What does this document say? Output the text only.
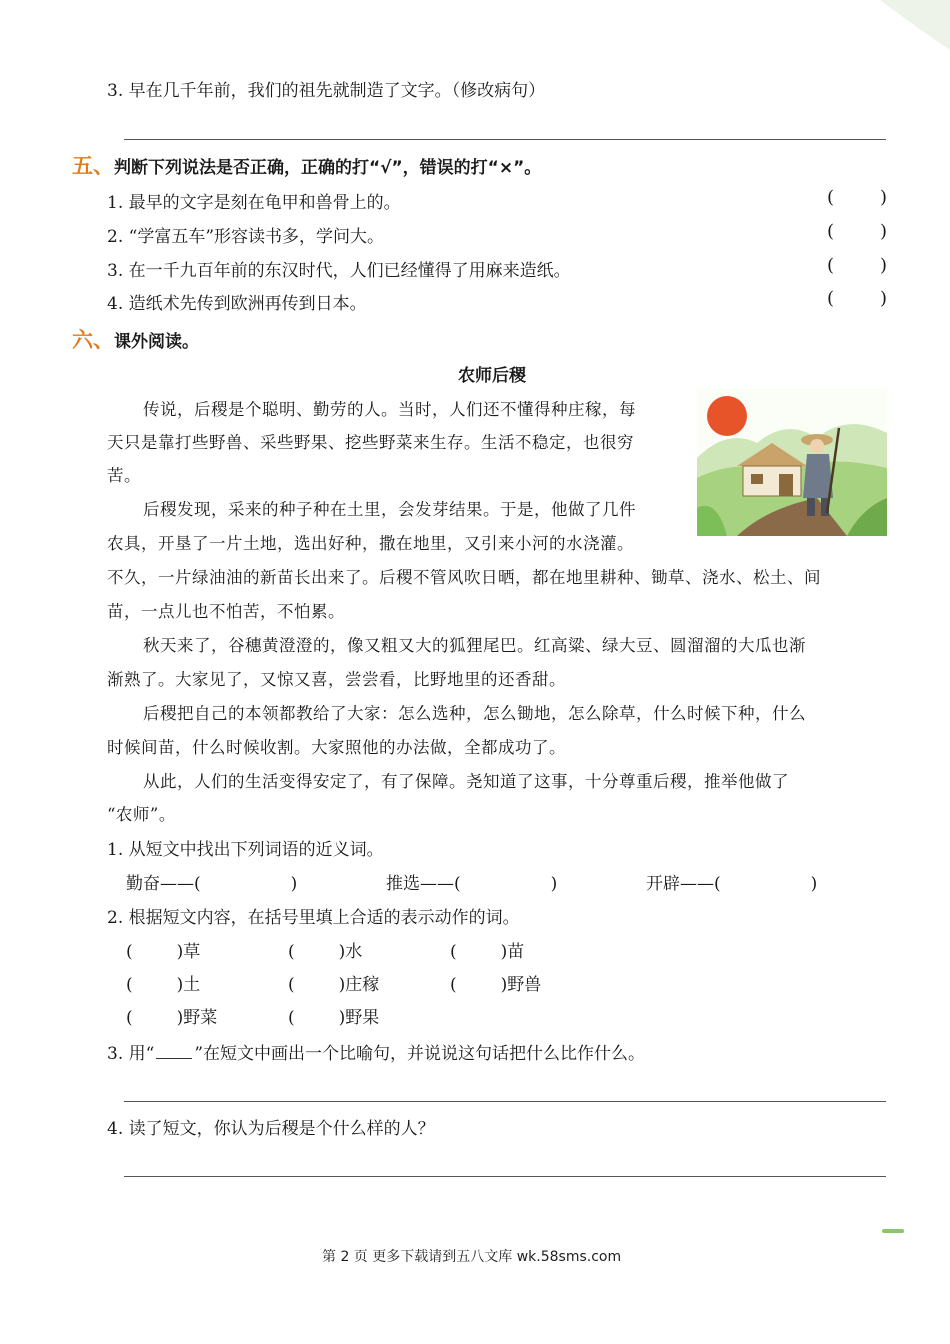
3. 早在几千年前，我们的祖先就制造了文字。（修改病句）
五、判断下列说法是否正确，正确的打“√”，错误的打“×”。
1. 最早的文字是刻在龟甲和兽骨上的。	(	)
2. “学富五车”形容读书多，学问大。	(	)
3. 在一千九百年前的东汉时代，人们已经懂得了用麻来造纸。	(	)
4. 造纸术先传到欧洲再传到日本。	(	)
六、课外阅读。
农师后稷
传说，后稷是个聪明、勤劳的人。当时，人们还不懂得种庄稼，每
天只是靠打些野兽、采些野果、挖些野菜来生存。生活不稳定，也很穷
苦。
后稷发现，采来的种子种在土里，会发芽结果。于是，他做了几件
农具，开垦了一片土地，选出好种，撒在地里，又引来小河的水浇灌。
不久，一片绿油油的新苗长出来了。后稷不管风吹日晒，都在地里耕种、锄草、浇水、松土、间
苗，一点儿也不怕苦，不怕累。
秋天来了，谷穗黄澄澄的，像又粗又大的狐狸尾巴。红高粱、绿大豆、圆溜溜的大瓜也渐
渐熟了。大家见了，又惊又喜，尝尝看，比野地里的还香甜。
后稷把自己的本领都教给了大家：怎么选种，怎么锄地，怎么除草，什么时候下种，什么
时候间苗，什么时候收割。大家照他的办法做，全都成功了。
从此，人们的生活变得安定了，有了保障。尧知道了这事，十分尊重后稷，推举他做了
“农师”。
1. 从短文中找出下列词语的近义词。
勤奋——(	)	推选——(	)	开辟——(	)
2. 根据短文内容，在括号里填上合适的表示动作的词。
(	)草	(	)水	(	)苗
(	)土	(	)庄稼	(	)野兽
(	)野菜	(	)野果
3. 用“ ”在短文中画出一个比喻句，并说说这句话把什么比作什么。
4. 读了短文，你认为后稷是个什么样的人？
第 2 页 更多下载请到五八文库 wk.58sms.com
